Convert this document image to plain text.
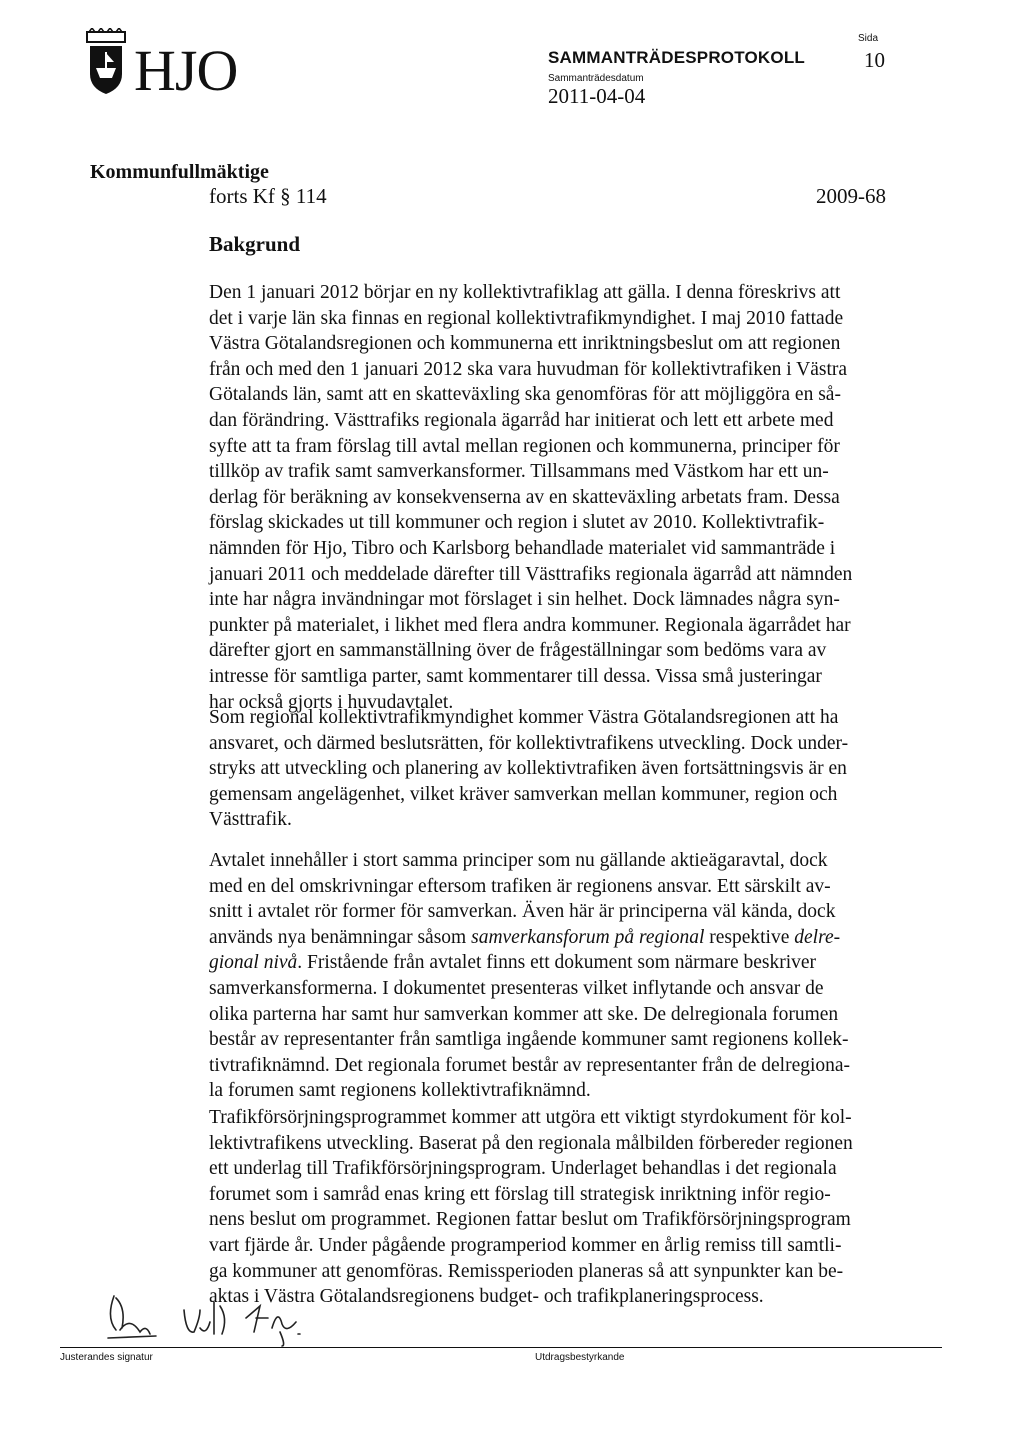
HJO	SAMMANTRÄDESPROTOKOLL
Sammanträdesdatum
2011-04-04
Sida
10
Kommunfullmäktige
forts Kf § 114	2009-68
Bakgrund

Den 1 januari 2012 börjar en ny kollektivtrafiklag att gälla. I denna föreskrivs att
det i varje län ska finnas en regional kollektivtrafikmyndighet. I maj 2010 fattade
Västra Götalandsregionen och kommunerna ett inriktningsbeslut om att regionen
från och med den 1 januari 2012 ska vara huvudman för kollektivtrafiken i Västra
Götalands län, samt att en skatteväxling ska genomföras för att möjliggöra en så-
dan förändring. Västtrafiks regionala ägarråd har initierat och lett ett arbete med
syfte att ta fram förslag till avtal mellan regionen och kommunerna, principer för
tillköp av trafik samt samverkansformer. Tillsammans med Västkom har ett un-
derlag för beräkning av konsekvenserna av en skatteväxling arbetats fram. Dessa
förslag skickades ut till kommuner och region i slutet av 2010. Kollektivtrafik-
nämnden för Hjo, Tibro och Karlsborg behandlade materialet vid sammanträde i
januari 2011 och meddelade därefter till Västtrafiks regionala ägarråd att nämnden
inte har några invändningar mot förslaget i sin helhet. Dock lämnades några syn-
punkter på materialet, i likhet med flera andra kommuner. Regionala ägarrådet har
därefter gjort en sammanställning över de frågeställningar som bedöms vara av
intresse för samtliga parter, samt kommentarer till dessa. Vissa små justeringar
har också gjorts i huvudavtalet.

Som regional kollektivtrafikmyndighet kommer Västra Götalandsregionen att ha
ansvaret, och därmed beslutsrätten, för kollektivtrafikens utveckling. Dock under-
stryks att utveckling och planering av kollektivtrafiken även fortsättningsvis är en
gemensam angelägenhet, vilket kräver samverkan mellan kommuner, region och
Västtrafik.

Avtalet innehåller i stort samma principer som nu gällande aktieägaravtal, dock
med en del omskrivningar eftersom trafiken är regionens ansvar. Ett särskilt av-
snitt i avtalet rör former för samverkan. Även här är principerna väl kända, dock
används nya benämningar såsom samverkansforum på regional respektive delre-
gional nivå. Fristående från avtalet finns ett dokument som närmare beskriver
samverkansformerna. I dokumentet presenteras vilket inflytande och ansvar de
olika parterna har samt hur samverkan kommer att ske. De delregionala forumen
består av representanter från samtliga ingående kommuner samt regionens kollek-
tivtrafiknämnd. Det regionala forumet består av representanter från de delregiona-
la forumen samt regionens kollektivtrafiknämnd.

Trafikförsörjningsprogrammet kommer att utgöra ett viktigt styrdokument för kol-
lektivtrafikens utveckling. Baserat på den regionala målbilden förbereder regionen
ett underlag till Trafikförsörjningsprogram. Underlaget behandlas i det regionala
forumet som i samråd enas kring ett förslag till strategisk inriktning inför regio-
nens beslut om programmet. Regionen fattar beslut om Trafikförsörjningsprogram
vart fjärde år. Under pågående programperiod kommer en årlig remiss till samtli-
ga kommuner att genomföras. Remissperioden planeras så att synpunkter kan be-
aktas i Västra Götalandsregionens budget- och trafikplaneringsprocess.

Justerandes signatur	Utdragsbestyrkande
